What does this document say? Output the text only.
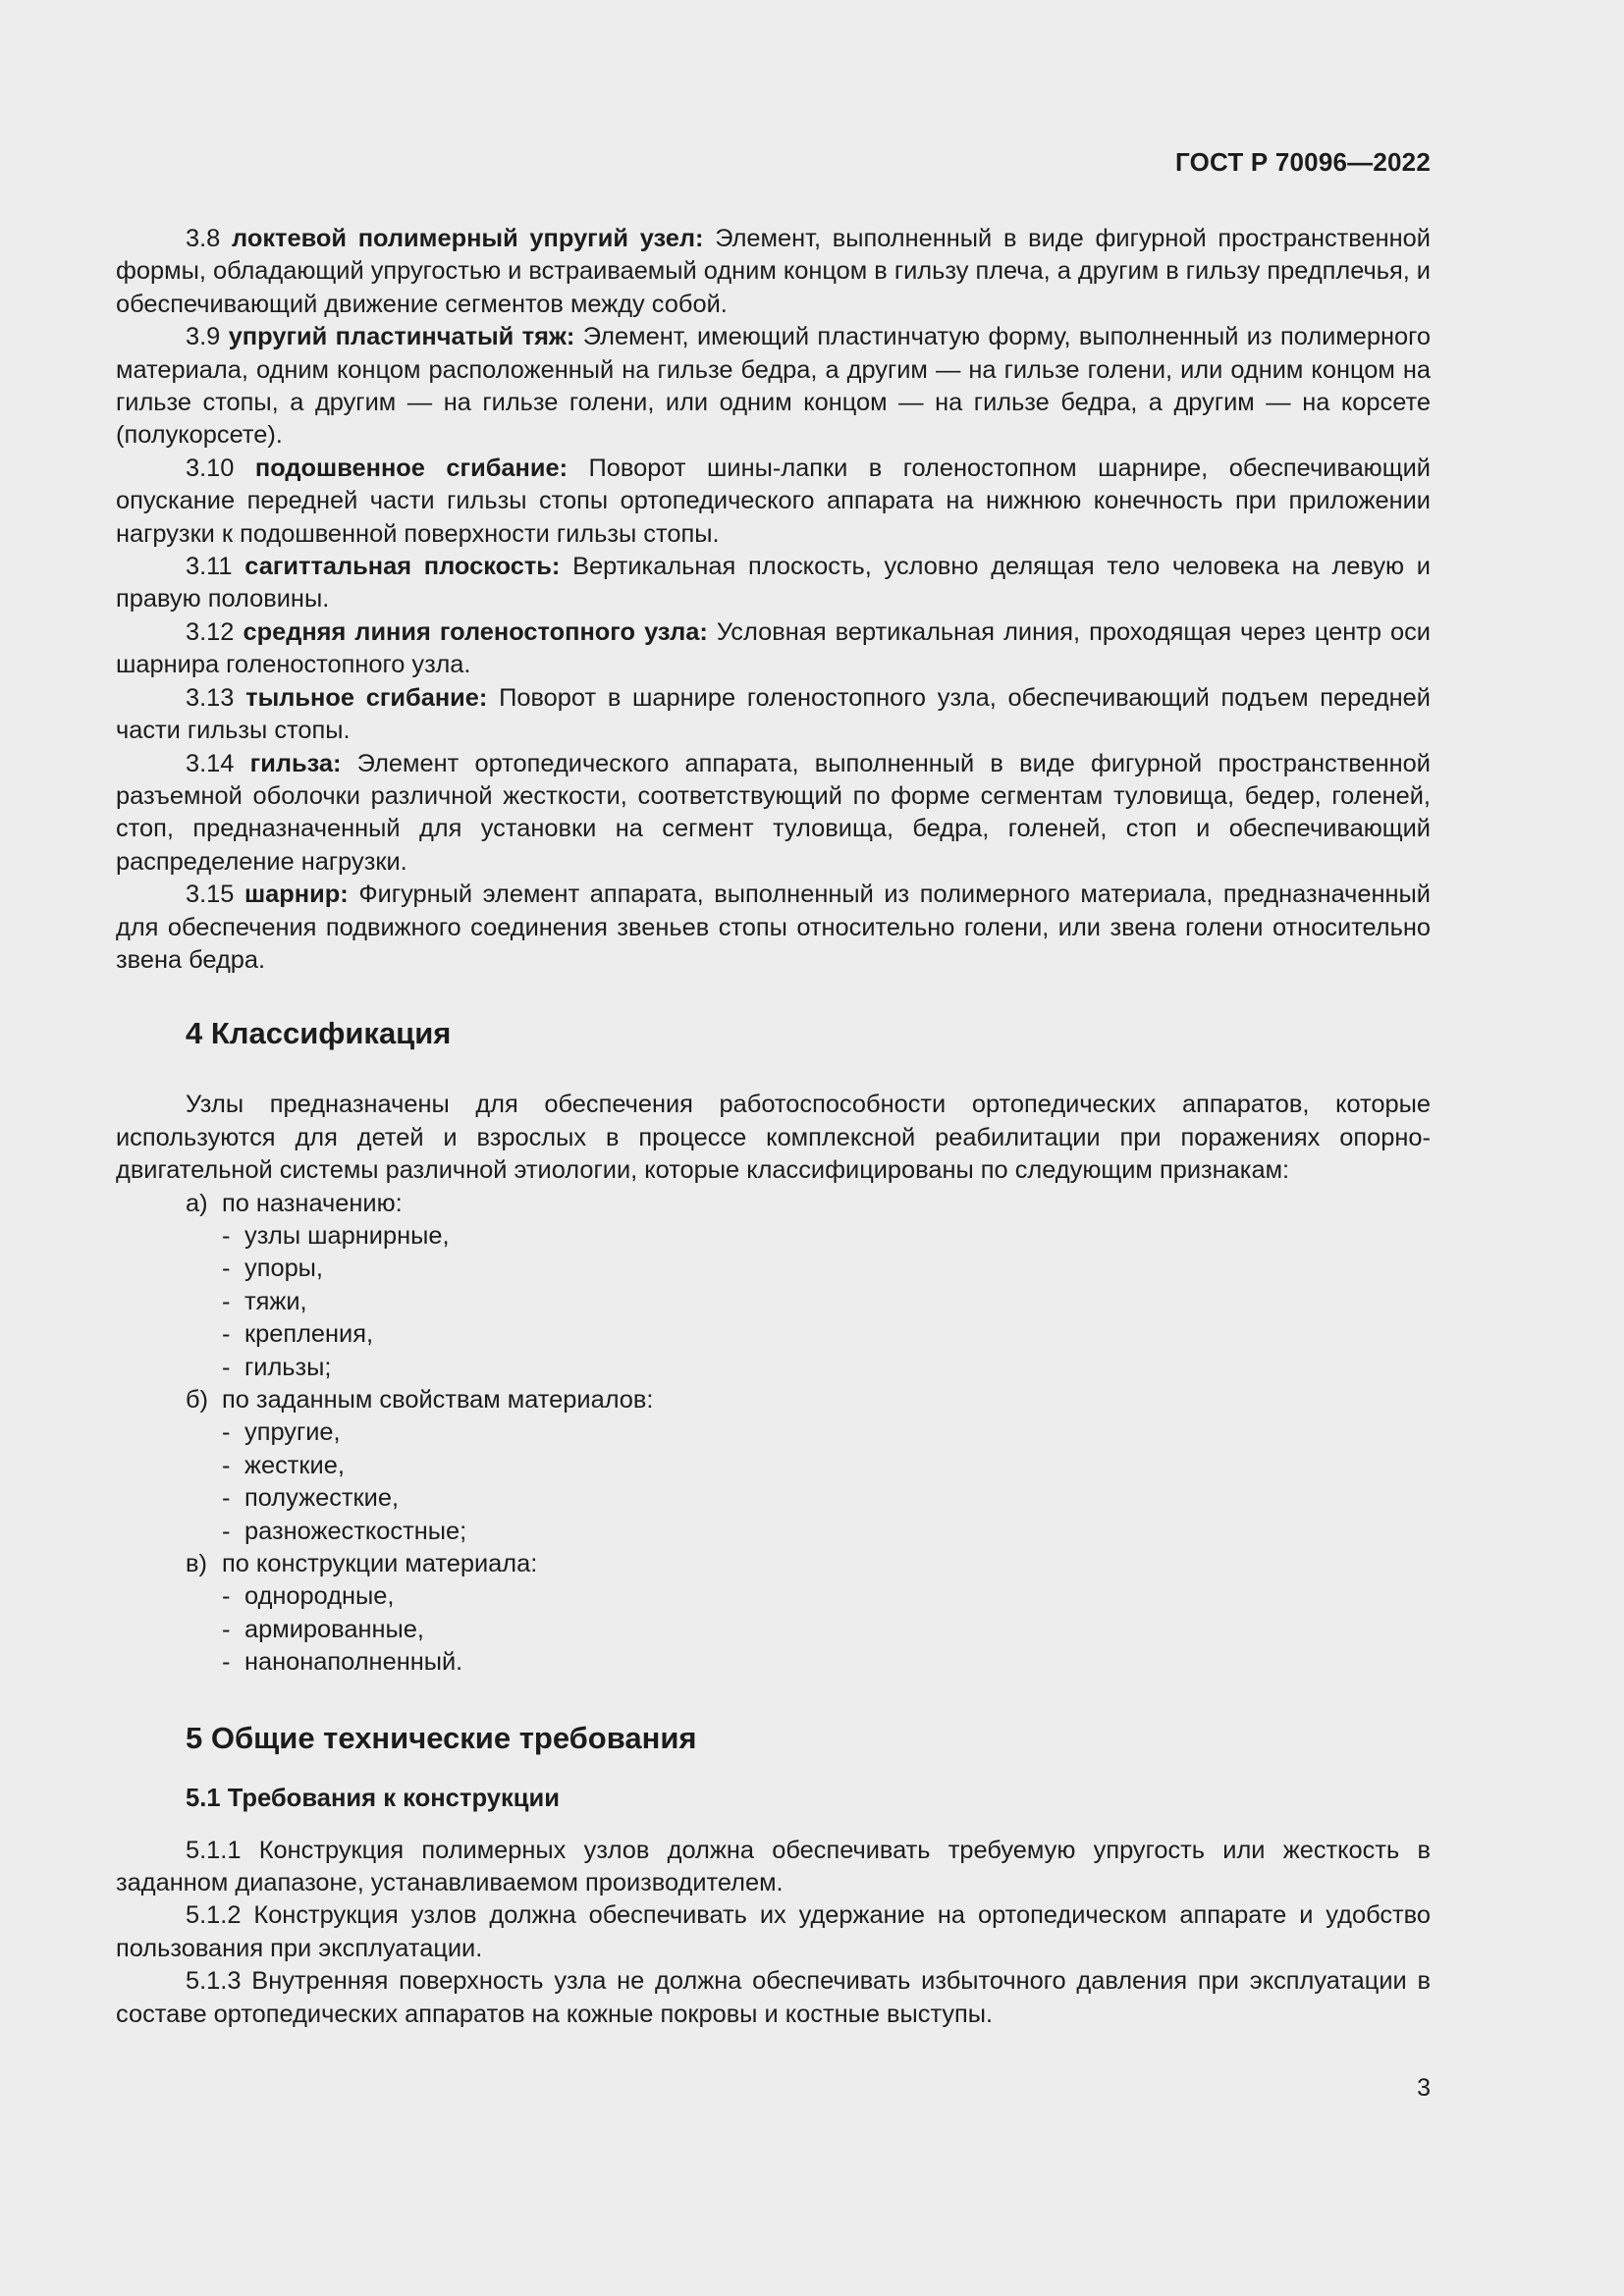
ГОСТ Р 70096—2022

3.8 локтевой полимерный упругий узел: Элемент, выполненный в виде фигурной пространственной формы, обладающий упругостью и встраиваемый одним концом в гильзу плеча, а другим в гильзу предплечья, и обеспечивающий движение сегментов между собой.

3.9 упругий пластинчатый тяж: Элемент, имеющий пластинчатую форму, выполненный из полимерного материала, одним концом расположенный на гильзе бедра, а другим — на гильзе голени, или одним концом на гильзе стопы, а другим — на гильзе голени, или одним концом — на гильзе бедра, а другим — на корсете (полукорсете).

3.10 подошвенное сгибание: Поворот шины-лапки в голеностопном шарнире, обеспечивающий опускание передней части гильзы стопы ортопедического аппарата на нижнюю конечность при приложении нагрузки к подошвенной поверхности гильзы стопы.

3.11 сагиттальная плоскость: Вертикальная плоскость, условно делящая тело человека на левую и правую половины.

3.12 средняя линия голеностопного узла: Условная вертикальная линия, проходящая через центр оси шарнира голеностопного узла.

3.13 тыльное сгибание: Поворот в шарнире голеностопного узла, обеспечивающий подъем передней части гильзы стопы.

3.14 гильза: Элемент ортопедического аппарата, выполненный в виде фигурной пространственной разъемной оболочки различной жесткости, соответствующий по форме сегментам туловища, бедер, голеней, стоп, предназначенный для установки на сегмент туловища, бедра, голеней, стоп и обеспечивающий распределение нагрузки.

3.15 шарнир: Фигурный элемент аппарата, выполненный из полимерного материала, предназначенный для обеспечения подвижного соединения звеньев стопы относительно голени, или звена голени относительно звена бедра.

4 Классификация

Узлы предназначены для обеспечения работоспособности ортопедических аппаратов, которые используются для детей и взрослых в процессе комплексной реабилитации при поражениях опорно-двигательной системы различной этиологии, которые классифицированы по следующим признакам:

а) по назначению:
- узлы шарнирные,
- упоры,
- тяжи,
- крепления,
- гильзы;
б) по заданным свойствам материалов:
- упругие,
- жесткие,
- полужесткие,
- разножесткостные;
в) по конструкции материала:
- однородные,
- армированные,
- нанонаполненный.
5 Общие технические требования
5.1 Требования к конструкции

5.1.1 Конструкция полимерных узлов должна обеспечивать требуемую упругость или жесткость в заданном диапазоне, устанавливаемом производителем.

5.1.2 Конструкция узлов должна обеспечивать их удержание на ортопедическом аппарате и удобство пользования при эксплуатации.

5.1.3 Внутренняя поверхность узла не должна обеспечивать избыточного давления при эксплуатации в составе ортопедических аппаратов на кожные покровы и костные выступы.

3
